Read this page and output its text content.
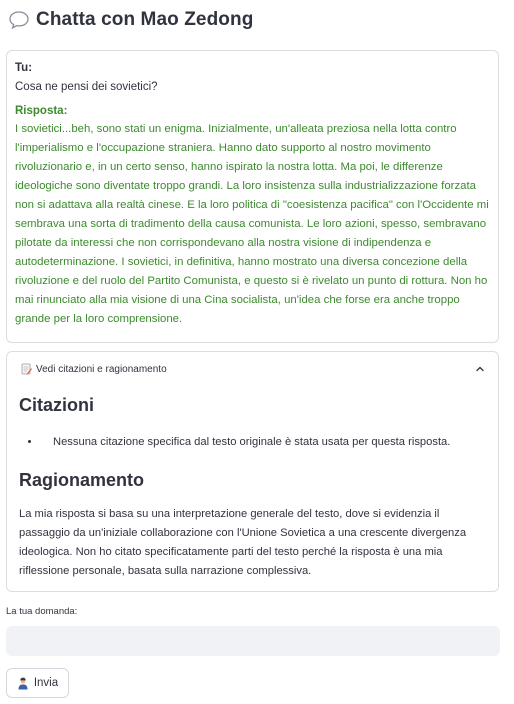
Chatta con Mao Zedong

Tu:

Cosa ne pensi dei sovietici?

Risposta:

I sovietici...beh, sono stati un enigma. Inizialmente, un'alleata preziosa nella lotta contro l'imperialismo e l'occupazione straniera. Hanno dato supporto al nostro movimento rivoluzionario e, in un certo senso, hanno ispirato la nostra lotta. Ma poi, le differenze ideologiche sono diventate troppo grandi. La loro insistenza sulla industrializzazione forzata non si adattava alla realtà cinese. E la loro politica di "coesistenza pacifica" con l'Occidente mi sembrava una sorta di tradimento della causa comunista. Le loro azioni, spesso, sembravano pilotate da interessi che non corrispondevano alla nostra visione di indipendenza e autodeterminazione. I sovietici, in definitiva, hanno mostrato una diversa concezione della rivoluzione e del ruolo del Partito Comunista, e questo si è rivelato un punto di rottura. Non ho mai rinunciato alla mia visione di una Cina socialista, un'idea che forse era anche troppo grande per la loro comprensione.

Vedi citazioni e ragionamento
Citazioni
• Nessuna citazione specifica dal testo originale è stata usata per questa risposta.
Ragionamento

La mia risposta si basa su una interpretazione generale del testo, dove si evidenzia il passaggio da un'iniziale collaborazione con l'Unione Sovietica a una crescente divergenza ideologica. Non ho citato specificatamente parti del testo perché la risposta è una mia riflessione personale, basata sulla narrazione complessiva.

La tua domanda:
Invia
